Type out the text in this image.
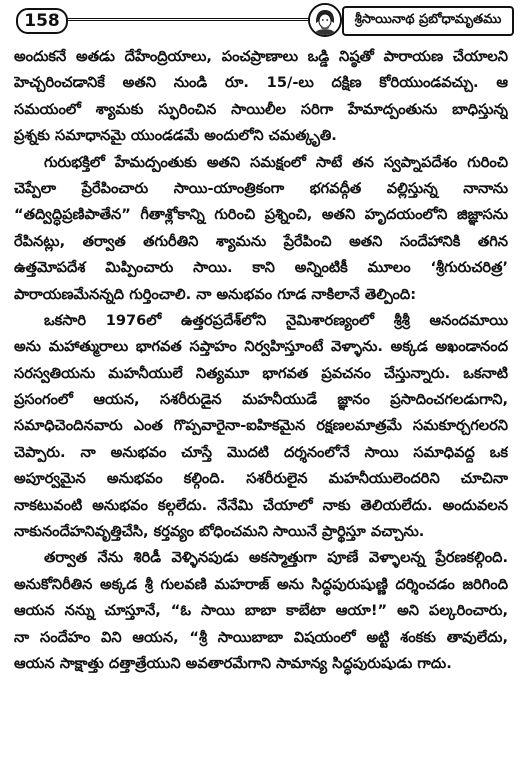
158	శ్రీసాయినాథ ప్రబోధామృతము
అందుకనే అతడు దేహేంద్రియాలు, పంచప్రాణాలు ఒడ్డి నిష్ఠతో పారాయణ చేయాలని
హెచ్చరించడానికే అతని నుండి రూ. 15/-లు దక్షిణ కోరియుండవచ్చు. ఆ
సమయంలో శ్యామకు స్ఫురించిన సాయిలీల సరిగా హేమాద్పంతును బాధిస్తున్న
ప్రశ్నకు సమాధానమై యుండడమే అందులోని చమత్కృతి.
గురుభక్తిలో హేమద్పంతుకు అతని సమక్షంలో సాటే తన స్వప్నాపదేశం గురించి
చెప్పేలా ప్రేరేపించారు సాయి-యాంత్రికంగా భగవద్గీత వల్లిస్తున్న నానాను
“తద్విద్ధిప్రణిపాతేన” గీతాశ్లోకాన్ని గురించి ప్రశ్నించి, అతని హృదయంలోని జిజ్ఞాసను
రేపినట్లు, తర్వాత తగురీతిని శ్యామను ప్రేరేపించి అతని సందేహానికి తగిన
ఉత్తమోపదేశ మిప్పించారు సాయి. కాని అన్నింటికీ మూలం ‘శ్రీగురుచరిత్ర’
పారాయణమేనన్నది గుర్తించాలి. నా అనుభవం గూడ నాకిలానే తెల్పింది:
ఒకసారి 1976లో ఉత్తరప్రదేశ్‌లోని నైమిశారణ్యంలో శ్రీశ్రీ ఆనందమాయి
అను మహాత్మురాలు భాగవత సప్తాహం నిర్వహిస్తూంటే వెళ్ళాను. అక్కడ అఖండానంద
సరస్వతియను మహనీయులే నిత్యమూ భాగవత ప్రవచనం చేస్తున్నారు. ఒకనాటి
ప్రసంగంలో ఆయన, సశరీరుడైన మహనీయుడే జ్ఞానం ప్రసాదించగలడుగాని,
సమాధిచెందినవారు ఎంత గొప్పవారైనా-ఐహికమైన రక్షణలమాత్రమే సమకూర్చగలరని
చెప్పారు. నా అనుభవం చూస్తే మొదటి దర్శనంలోనే సాయి సమాధివద్ద ఒక
అపూర్వమైన అనుభవం కల్గింది. సశరీరులైన మహనీయులెందరిని చూచినా
నాకటువంటి అనుభవం కల్గలేదు. నేనేమి చేయాలో నాకు తెలియలేదు. అందువలన
నాకునందేహనివృత్తిచేసి, కర్తవ్యం బోధించమని సాయినే ప్రార్థిస్తూ వచ్చాను.
తర్వాత నేను శిరిడీ వెళ్ళినపుడు అకస్మాత్తుగా పూణే వెళ్ళాలన్న ప్రేరణకల్గింది.
అనుకోనిరీతిన అక్కడ శ్రీ గులవణి మహరాజ్ అను సిద్ధపురుషుణ్ణి దర్శించడం జరిగింది
ఆయన నన్ను చూస్తూనే, “ఓ సాయి బాబా కాబేటా ఆయా!” అని పల్కరించారు,
నా సందేహం విని ఆయన, “శ్రీ సాయిబాబా విషయంలో అట్టి శంకకు తావులేదు,
ఆయన సాక్షాత్తు దత్తాత్రేయుని అవతారమేగాని సామాన్య సిద్ధపురుషుడు గాదు.
